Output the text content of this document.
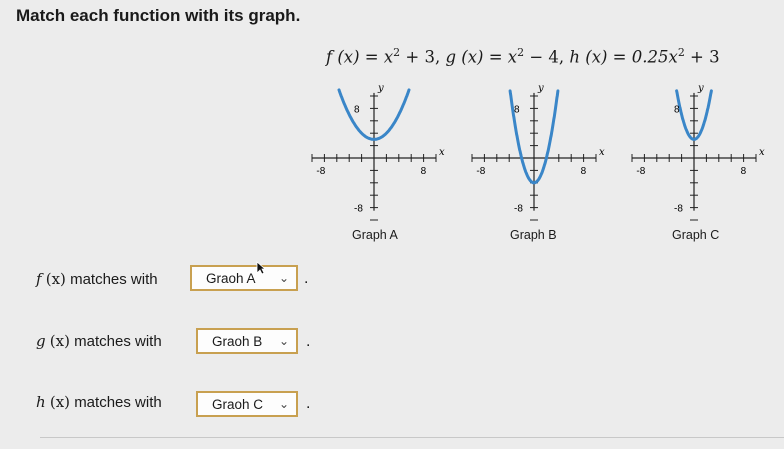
Match each function with its graph.
f $(x) = x^2 + 3$, g $(x) = x^2 - 4$, h $(x) = 0.25x^2 + 3$
8
-8	8
-8
y
x
Graph A
8
-8	8
-8
y
x
Graph B
8
-8	8
-8
y
x
Graph C
f (x) matches with	Graoh A ⌄ .
g (x) matches with	Graoh B ⌄ .
h (x) matches with	Graoh C ⌄ .
